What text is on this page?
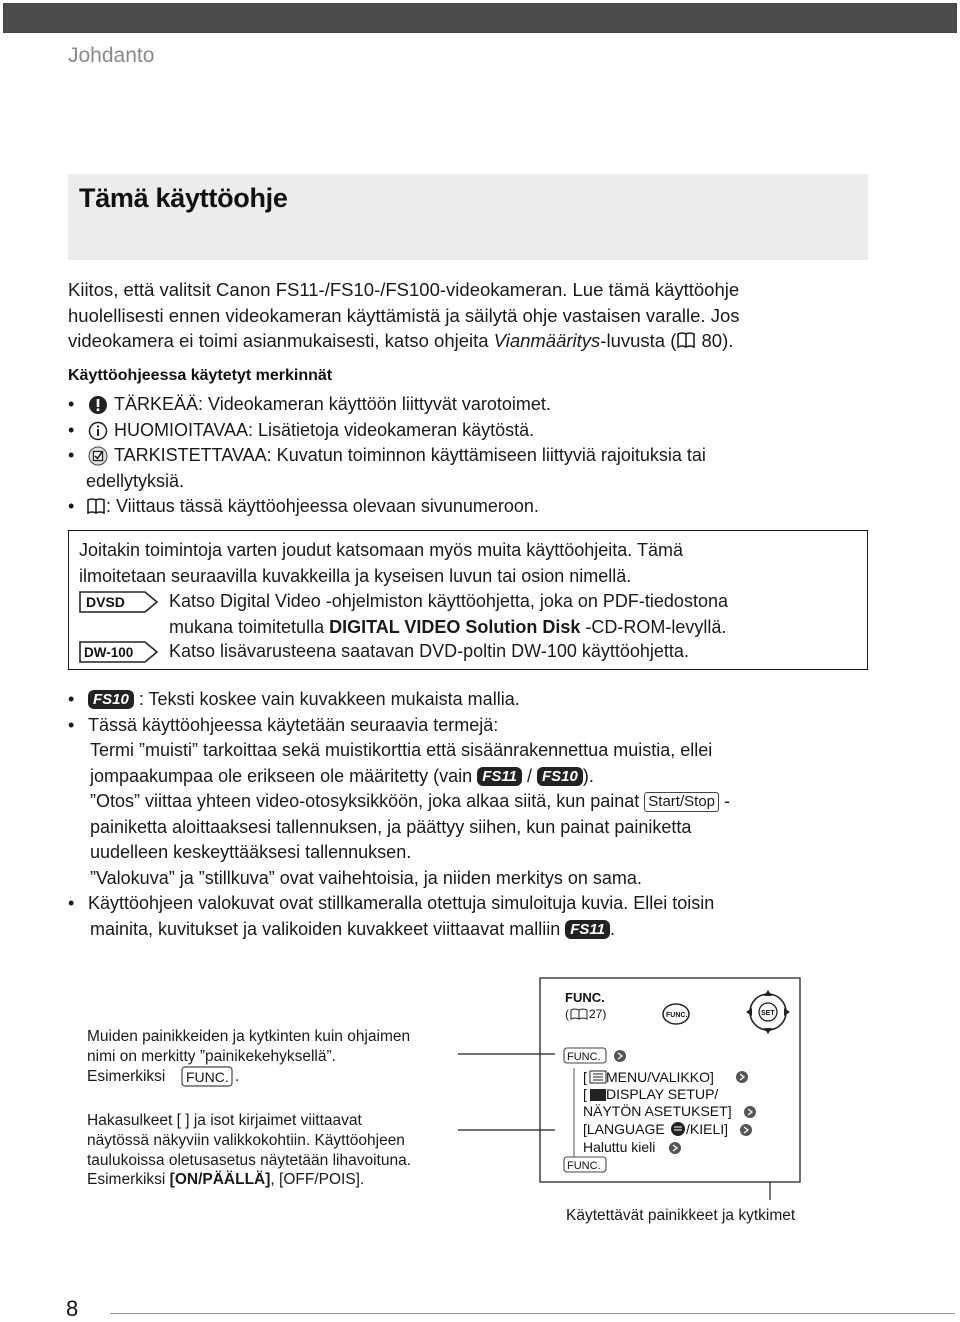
Johdanto
Tämä käyttöohje
Kiitos, että valitsit Canon FS11-/FS10-/FS100-videokameran. Lue tämä käyttöohje
huolellisesti ennen videokameran käyttämistä ja säilytä ohje vastaisen varalle. Jos
videokamera ei toimi asianmukaisesti, katso ohjeita Vianmääritys-luvusta ( 80).
Käyttöohjeessa käytetyt merkinnät
• TÄRKEÄÄ: Videokameran käyttöön liittyvät varotoimet.
• HUOMIOITAVAA: Lisätietoja videokameran käytöstä.
• TARKISTETTAVAA: Kuvatun toiminnon käyttämiseen liittyviä rajoituksia tai
edellytyksiä.
• : Viittaus tässä käyttöohjeessa olevaan sivunumeroon.
Joitakin toimintoja varten joudut katsomaan myös muita käyttöohjeita. Tämä
ilmoitetaan seuraavilla kuvakkeilla ja kyseisen luvun tai osion nimellä.
DVSD Katso Digital Video -ohjelmiston käyttöohjetta, joka on PDF-tiedostona
mukana toimitetulla DIGITAL VIDEO Solution Disk -CD-ROM-levyllä.
DW-100 Katso lisävarusteena saatavan DVD-poltin DW-100 käyttöohjetta.
• FS10 : Teksti koskee vain kuvakkeen mukaista mallia.
• Tässä käyttöohjeessa käytetään seuraavia termejä:
Termi ”muisti” tarkoittaa sekä muistikorttia että sisäänrakennettua muistia, ellei
jompaakumpaa ole erikseen ole määritetty (vain FS11 / FS10 ).
”Otos” viittaa yhteen video-otosyksikköön, joka alkaa siitä, kun painat Start/Stop -
painiketta aloittaaksesi tallennuksen, ja päättyy siihen, kun painat painiketta
uudelleen keskeyttääksesi tallennuksen.
”Valokuva” ja ”stillkuva” ovat vaihehtoisia, ja niiden merkitys on sama.
• Käyttöohjeen valokuvat ovat stillkameralla otettuja simuloituja kuvia. Ellei toisin
mainita, kuvitukset ja valikoiden kuvakkeet viittaavat malliin FS11 .
Muiden painikkeiden ja kytkinten kuin ohjaimen
nimi on merkitty ”painikekehyksellä”.
Esimerkiksi FUNC. .
Hakasulkeet [ ] ja isot kirjaimet viittaavat
näytössä näkyviin valikkokohtiin. Käyttöohjeen
taulukoissa oletusasetus näytetään lihavoituna.
Esimerkiksi [ON/PÄÄLLÄ], [OFF/POIS].
FUNC.
( 27)	FUNC.	SET
FUNC.
[ MENU/VALIKKO]
[ DISPLAY SETUP/
NÄYTÖN ASETUKSET]
[LANGUAGE /KIELI]
Haluttu kieli
FUNC.
Käytettävät painikkeet ja kytkimet
8
